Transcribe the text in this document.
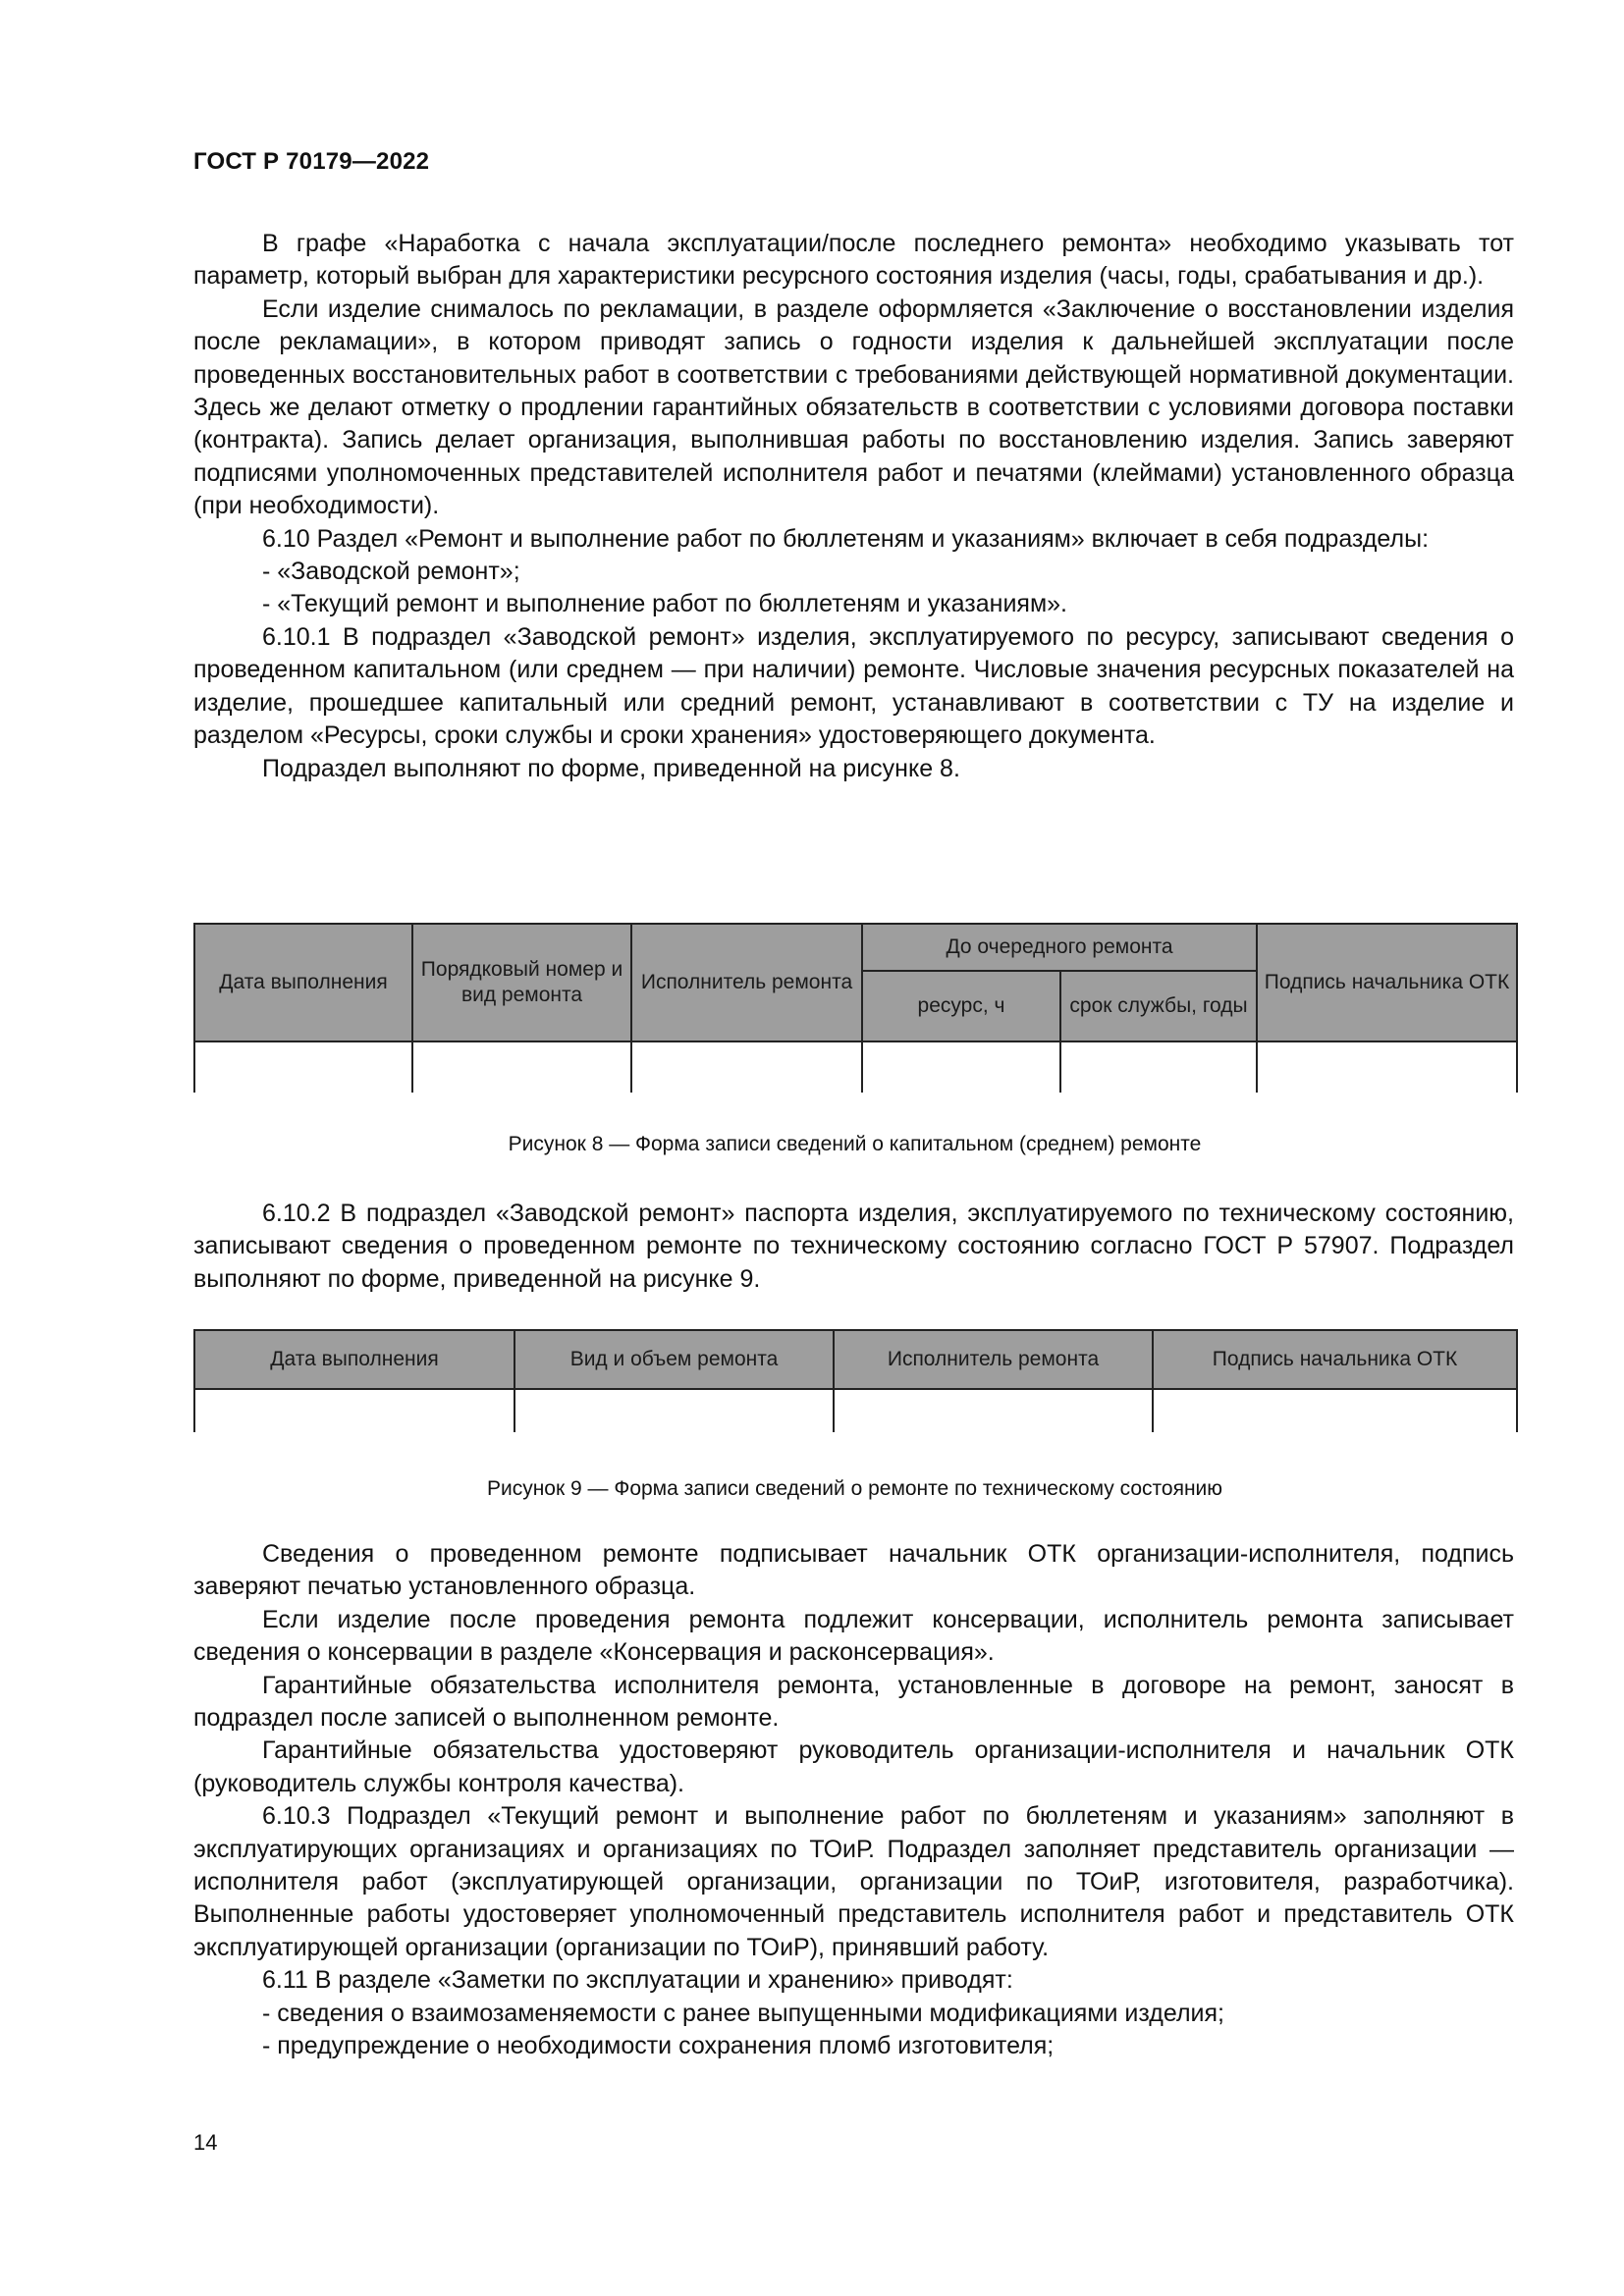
ГОСТ Р 70179—2022

В графе «Наработка с начала эксплуатации/после последнего ремонта» необходимо указывать тот параметр, который выбран для характеристики ресурсного состояния изделия (часы, годы, срабатывания и др.).

Если изделие снималось по рекламации, в разделе оформляется «Заключение о восстановлении изделия после рекламации», в котором приводят запись о годности изделия к дальнейшей эксплуатации после проведенных восстановительных работ в соответствии с требованиями действующей нормативной документации. Здесь же делают отметку о продлении гарантийных обязательств в соответствии с условиями договора поставки (контракта). Запись делает организация, выполнившая работы по восстановлению изделия. Запись заверяют подписями уполномоченных представителей исполнителя работ и печатями (клеймами) установленного образца (при необходимости).

6.10 Раздел «Ремонт и выполнение работ по бюллетеням и указаниям» включает в себя подразделы:

- «Заводской ремонт»;

- «Текущий ремонт и выполнение работ по бюллетеням и указаниям».

6.10.1 В подраздел «Заводской ремонт» изделия, эксплуатируемого по ресурсу, записывают сведения о проведенном капитальном (или среднем — при наличии) ремонте. Числовые значения ресурсных показателей на изделие, прошедшее капитальный или средний ремонт, устанавливают в соответствии с ТУ на изделие и разделом «Ресурсы, сроки службы и сроки хранения» удостоверяющего документа.

Подраздел выполняют по форме, приведенной на рисунке 8.

Дата выполнения	Порядковый номер и вид ремонта	Исполнитель ремонта	До очередного ремонта		Подпись начальника ОТК
			ресурс, ч	срок службы, годы	

Рисунок 8 — Форма записи сведений о капитальном (среднем) ремонте

6.10.2 В подраздел «Заводской ремонт» паспорта изделия, эксплуатируемого по техническому состоянию, записывают сведения о проведенном ремонте по техническому состоянию согласно ГОСТ Р 57907. Подраздел выполняют по форме, приведенной на рисунке 9.

Дата выполнения	Вид и объем ремонта	Исполнитель ремонта	Подпись начальника ОТК

Рисунок 9 — Форма записи сведений о ремонте по техническому состоянию

Сведения о проведенном ремонте подписывает начальник ОТК организации-исполнителя, подпись заверяют печатью установленного образца.

Если изделие после проведения ремонта подлежит консервации, исполнитель ремонта записывает сведения о консервации в разделе «Консервация и расконсервация».

Гарантийные обязательства исполнителя ремонта, установленные в договоре на ремонт, заносят в подраздел после записей о выполненном ремонте.

Гарантийные обязательства удостоверяют руководитель организации-исполнителя и начальник ОТК (руководитель службы контроля качества).

6.10.3 Подраздел «Текущий ремонт и выполнение работ по бюллетеням и указаниям» заполняют в эксплуатирующих организациях и организациях по ТОиР. Подраздел заполняет представитель организации — исполнителя работ (эксплуатирующей организации, организации по ТОиР, изготовителя, разработчика). Выполненные работы удостоверяет уполномоченный представитель исполнителя работ и представитель ОТК эксплуатирующей организации (организации по ТОиР), принявший работу.

6.11 В разделе «Заметки по эксплуатации и хранению» приводят:

- сведения о взаимозаменяемости с ранее выпущенными модификациями изделия;

- предупреждение о необходимости сохранения пломб изготовителя;

14
